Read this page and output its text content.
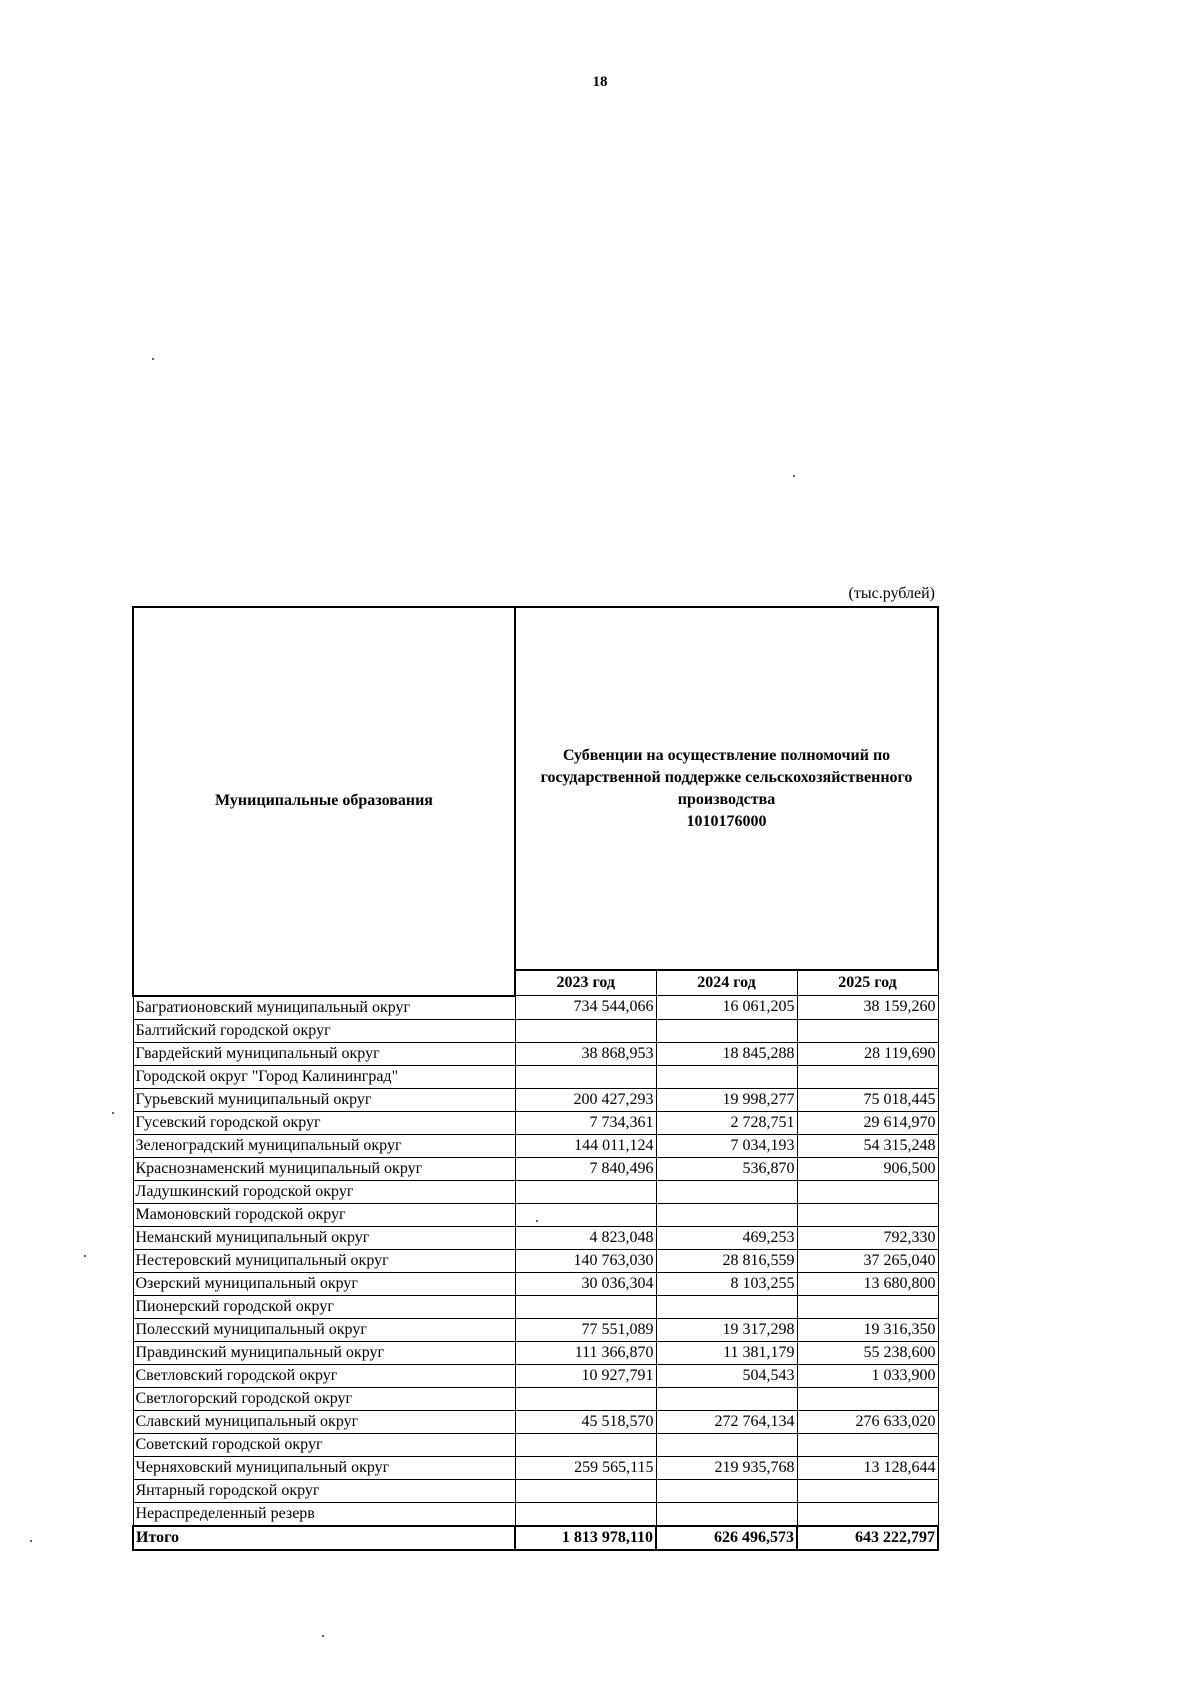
18
(тыс.рублей)
Муниципальные образования	Субвенции на осуществление полномочий по
государственной поддержке сельскохозяйственного
производства
1010176000		

	2023 год	2024 год	2025 год
Багратионовский муниципальный округ	734 544,066	16 061,205	38 159,260
Балтийский городской округ			
Гвардейский муниципальный округ	38 868,953	18 845,288	28 119,690
Городской округ "Город Калининград"			
Гурьевский муниципальный округ	200 427,293	19 998,277	75 018,445
Гусевский городской округ	7 734,361	2 728,751	29 614,970
Зеленоградский муниципальный округ	144 011,124	7 034,193	54 315,248
Краснознаменский муниципальный округ	7 840,496	536,870	906,500
Ладушкинский городской округ			
Мамоновский городской округ			
Неманский муниципальный округ	4 823,048	469,253	792,330
Нестеровский муниципальный округ	140 763,030	28 816,559	37 265,040
Озерский муниципальный округ	30 036,304	8 103,255	13 680,800
Пионерский городской округ			
Полесский муниципальный округ	77 551,089	19 317,298	19 316,350
Правдинский муниципальный округ	111 366,870	11 381,179	55 238,600
Светловский городской округ	10 927,791	504,543	1 033,900
Светлогорский городской округ			
Славский муниципальный округ	45 518,570	272 764,134	276 633,020
Советский городской округ			
Черняховский муниципальный округ	259 565,115	219 935,768	13 128,644
Янтарный городской округ			
Нераспределенный резерв			
Итого	1 813 978,110	626 496,573	643 222,797
